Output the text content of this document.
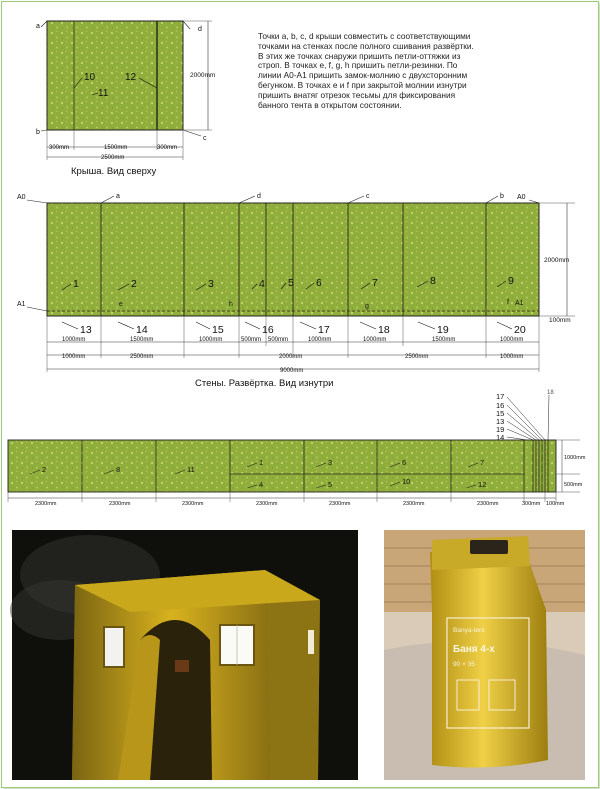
a
b
c
d
10
11
12	2000mm
300mm	1500mm	300mm
2500mm
Крыша. Вид сверху
A0
A1
A0
A1
a	d	c	b
e	h	g
f
1	2	3	4 5 6	7	8	9
13	14	15	16	17	18	19	20
2000mm
100mm
1000mm	1500mm	1000mm	500mm 500mm	1000mm	1000mm	1500mm	1000mm
1000mm	2500mm	2000mm	2500mm	1000mm
9000mm
Стены. Развёртка. Вид изнутри
2	8	11
1	3	6	7
4	5	10	12
17
16
15
13
19
14
18
1000mm
500mm
2300mm	2300mm	2300mm	2300mm	2300mm	2300mm	2300mm	300mm 100mm
Banya-tent
Баня 4-х
90 × 35
Точки a, b, c, d крыши совместить с соответствующими
точками на стенках после полного сшивания развёртки.
В этих же точках снаружи пришить петли-оттяжки из
строп. В точках e, f, g, h пришить петли-резинки. По
линии A0-A1 пришить замок-молнию с двухсторонним
бегунком. В точках e и f при закрытой молнии изнутри
пришить внатяг отрезок тесьмы для фиксирования
банного тента в открытом состоянии.
